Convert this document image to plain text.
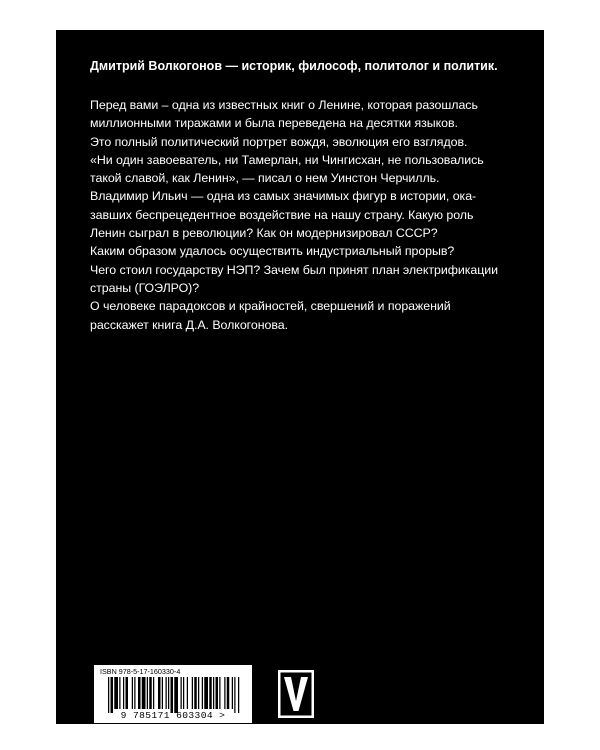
Дмитрий Волкогонов — историк, философ, политолог и политик.

Перед вами – одна из известных книг о Ленине, которая разошлась
миллионными тиражами и была переведена на десятки языков.
Это полный политический портрет вождя, эволюция его взглядов.
«Ни один завоеватель, ни Тамерлан, ни Чингисхан, не пользовались
такой славой, как Ленин», — писал о нем Уинстон Черчилль.
Владимир Ильич — одна из самых значимых фигур в истории, ока-
завших беспрецедентное воздействие на нашу страну. Какую роль
Ленин сыграл в революции? Как он модернизировал СССР?
Каким образом удалось осуществить индустриальный прорыв?
Чего стоил государству НЭП? Зачем был принят план электрификации
страны (ГОЭЛРО)?
О человеке парадоксов и крайностей, свершений и поражений
расскажет книга Д.А. Волкогонова.
ISBN 978-5-17-160330-4
9 785171 603304 >
